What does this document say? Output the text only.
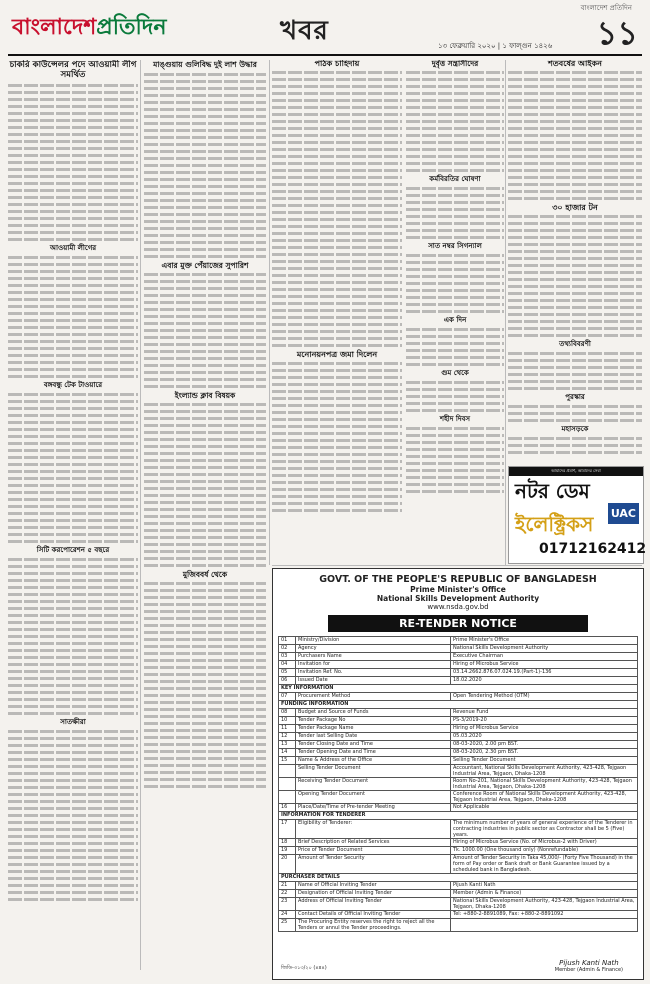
বাংলাদেশপ্রতিদিন	খবর
বাংলাদেশ প্রতিদিন
১১
১৩ ফেব্রুয়ারি ২০২০ | ১ ফাল্গুন ১৪২৬
চাকরি কাউন্সেলর পদে আওয়ামী লীগ সমর্থিত
আওয়ামী লীগের
বঙ্গবন্ধু টেক টাওয়ারে
সিটি করপোরেশন ৫ বছরে
সাতক্ষীরা
মাঙ্গুয়ায় গুলিবিদ্ধ দুই লাশ উদ্ধার
এবার মুক্ত পেঁয়াজের সুপারিশ
ইংল্যান্ড ক্লাব বিষয়ক
মুজিববর্ষ থেকে
পাঠক চাহিদায়
মনোনয়নপত্র জমা দিলেন
দুর্বৃত্ত সন্ত্রাসীদের
কর্মবিরতির ঘোষণা
সাত নম্বর সিগন্যাল
এক দিন
গুম থেকে
শহীদ দিবস
শতবর্ষের আইকন
৩০ হাজার টন
তথ্যবিবরণী
পুরস্কার
মহাসড়কে
আমাদের প্রমাণ, আমাদের সেবা
নটর ডেম ইলেক্ট্রিকস	UAC
01712162412
GOVT. OF THE PEOPLE'S REPUBLIC OF BANGLADESH
Prime Minister's Office
National Skills Development Authority
www.nsda.gov.bd
RE-TENDER NOTICE
01	Ministry/Division	Prime Minister's Office
02	Agency	National Skills Development Authority
03	Purchasers Name	Executive Chairman
04	Invitation for	Hiring of Microbus Service
05	Invitation Ref. No.	03.14.2662.876.07.024.19.(Part-1)-136
06	Issued Date	18.02.2020
KEY INFORMATION		
07	Procurement Method	Open Tendering Method (OTM)
FUNDING INFORMATION		
08	Budget and Source of Funds	Revenue Fund
10	Tender Package No	PS-3/2019-20
11	Tender Package Name	Hiring of Microbus Service
12	Tender last Selling Date	05.03.2020
13	Tender Closing Date and Time	08-03-2020, 2.00 pm BST.
14	Tender Opening Date and Time	08-03-2020, 2.30 pm BST.
15	Name & Address of the Office	Selling Tender Document
	Selling Tender Document	Accountant, National Skills Development Authority, 423-428, Tejgaon Industrial Area, Tejgaon, Dhaka-1208
	Receiving Tender Document	Room No-201, National Skills Development Authority, 423-428, Tejgaon Industrial Area, Tejgaon, Dhaka-1208
	Opening Tender Document	Conference Room of National Skills Development Authority, 423-428, Tejgaon Industrial Area, Tejgaon, Dhaka-1208
16	Place/Date/Time of Pre-tender Meeting	Not Applicable
INFORMATION FOR TENDERER		
17	Eligibility of Tenderer:	The minimum number of years of general experience of the Tenderer in contracting industries in public sector as Contractor shall be 5 (Five) years.
18	Brief Description of Related Services	Hiring of Microbus Service (No. of Microbus-2 with Driver)
19	Price of Tender Document	Tk. 1000.00 (One thousand only) (Nonrefundable)
20	Amount of Tender Security	Amount of Tender Security in Taka 45,000/- (Forty Five Thousand) in the form of Pay order or Bank draft or Bank Guarantee issued by a scheduled bank in Bangladesh.
PURCHASER DETAILS		
21	Name of Official Inviting Tender	Pijush Kanti Nath
22	Designation of Official Inviting Tender	Member (Admin & Finance)
23	Address of Official Inviting Tender	National Skills Development Authority, 423-428, Tejgaon Industrial Area, Tejgaon, Dhaka-1208
24	Contact Details of Official Inviting Tender	Tel: +880-2-8891089, Fax: +880-2-8891092
25	The Procuring Entity reserves the right to reject all the Tenders or annul the Tender proceedings.	
জিডি-৩১৩/২০ (৪x৪)
Pijush Kanti Nath
Member (Admin & Finance)
